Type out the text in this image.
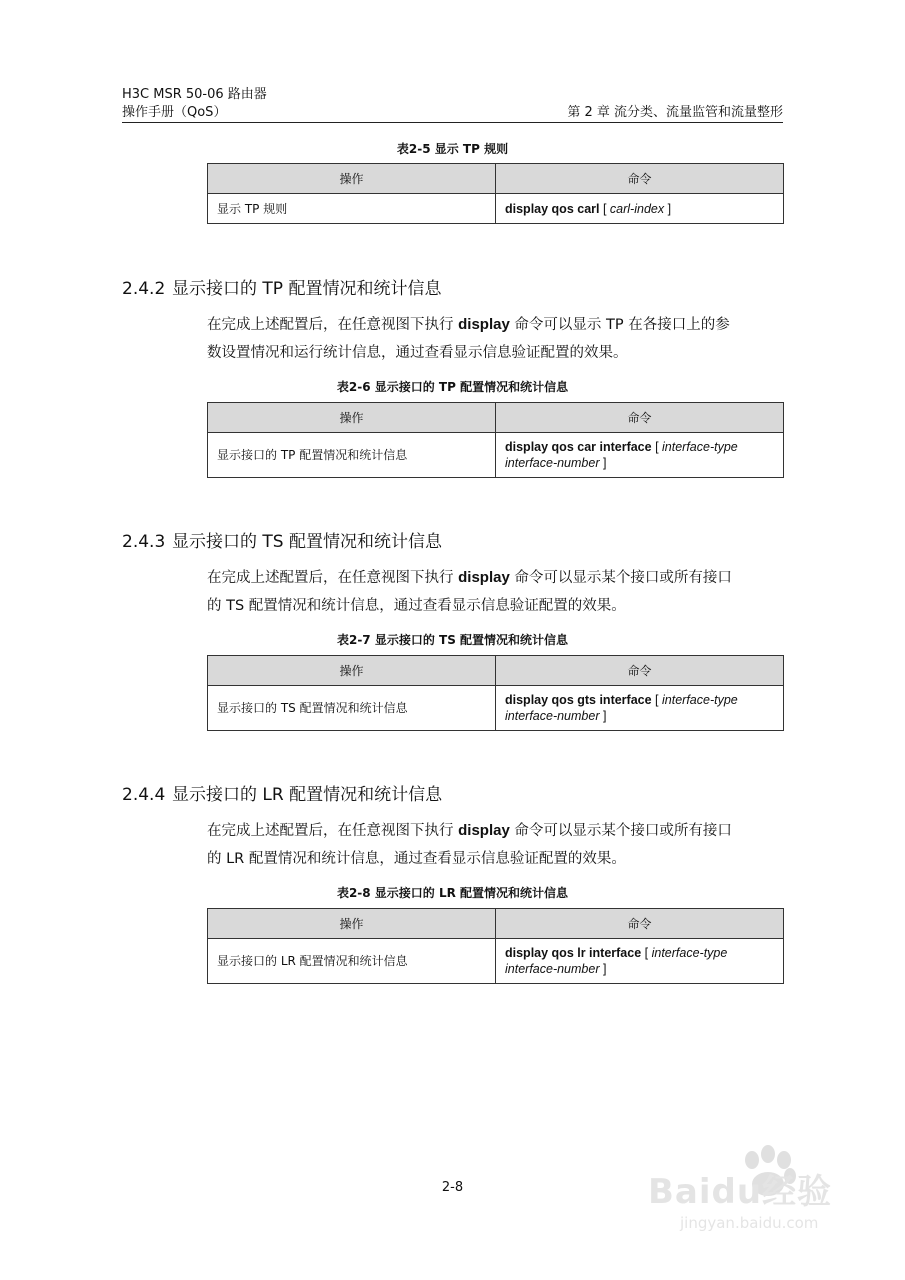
H3C MSR 50-06 路由器
操作手册（QoS）	第 2 章 流分类、流量监管和流量整形
表2-5 显示 TP 规则
操作	命令
显示 TP 规则	display qos carl [ carl-index ]
2.4.2 显示接口的 TP 配置情况和统计信息
在完成上述配置后，在任意视图下执行 display 命令可以显示 TP 在各接口上的参
数设置情况和运行统计信息，通过查看显示信息验证配置的效果。
表2-6 显示接口的 TP 配置情况和统计信息
操作	命令
显示接口的 TP 配置情况和统计信息	display qos car interface [ interface-type
interface-number ]
2.4.3 显示接口的 TS 配置情况和统计信息
在完成上述配置后，在任意视图下执行 display 命令可以显示某个接口或所有接口
的 TS 配置情况和统计信息，通过查看显示信息验证配置的效果。
表2-7 显示接口的 TS 配置情况和统计信息
操作	命令
显示接口的 TS 配置情况和统计信息	display qos gts interface [ interface-type
interface-number ]
2.4.4 显示接口的 LR 配置情况和统计信息
在完成上述配置后，在任意视图下执行 display 命令可以显示某个接口或所有接口
的 LR 配置情况和统计信息，通过查看显示信息验证配置的效果。
表2-8 显示接口的 LR 配置情况和统计信息
操作	命令
显示接口的 LR 配置情况和统计信息	display qos lr interface [ interface-type
interface-number ]
2-8	Baidu经验
jingyan.baidu.com
